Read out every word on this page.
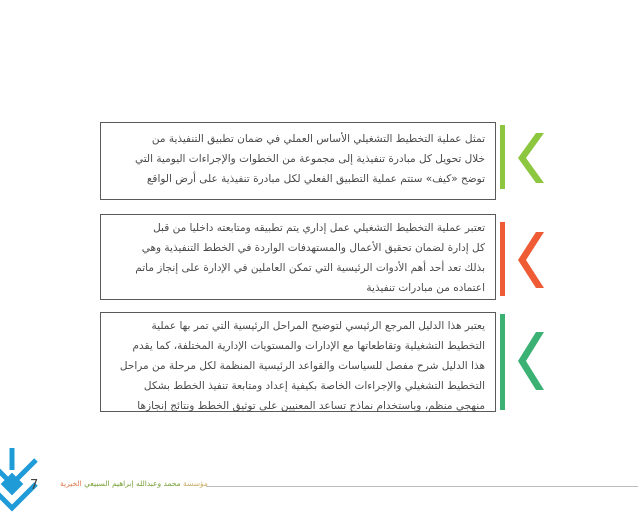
تمثل عملية التخطيط التشغيلي الأساس العملي في ضمان تطبيق التنفيذية من
خلال تحويل كل مبادرة تنفيذية إلى مجموعة من الخطوات والإجراءات اليومية التي
توضح «كيف» ستتم عملية التطبيق الفعلي لكل مبادرة تنفيذية على أرض الواقع
تعتبر عملية التخطيط التشغيلي عمل إداري يتم تطبيقه ومتابعته داخليا من قبل
كل إدارة لضمان تحقيق الأعمال والمستهدفات الواردة في الخطط التنفيذية وهي
بذلك تعد أحد أهم الأدوات الرئيسية التي تمكن العاملين في الإدارة على إنجاز ماتم
اعتماده من مبادرات تنفيذية
يعتبر هذا الدليل المرجع الرئيسي لتوضيح المراحل الرئيسية التي تمر بها عملية
التخطيط التشغيلية وتقاطعاتها مع الإدارات والمستويات الإدارية المختلفة، كما يقدم
هذا الدليل شرح مفصل للسياسات والقواعد الرئيسية المنظمة لكل مرحلة من مراحل
التخطيط التشغيلي والإجراءات الخاصة بكيفية إعداد ومتابعة تنفيذ الخطط بشكل
منهجي منظم، وباستخدام نماذج تساعد المعنيين على توثيق الخطط ونتائج إنجازها
7	مؤسسة محمد وعبدالله إبراهيم السبيعي الخيرية
